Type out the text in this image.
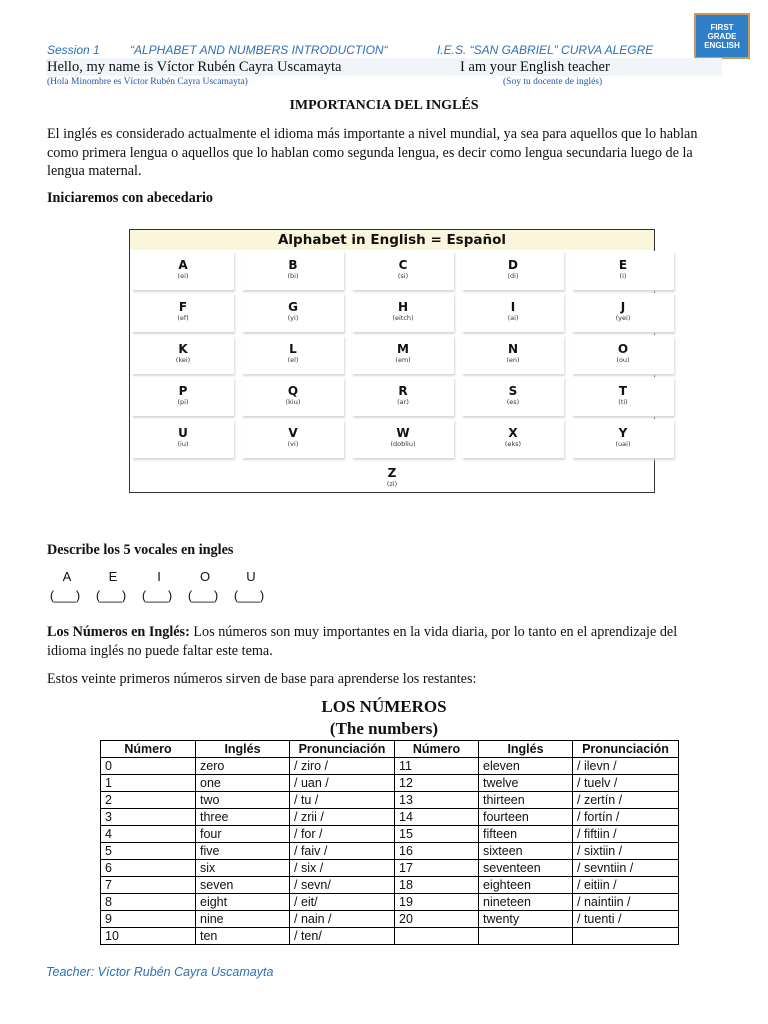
Session 1	“ALPHABET AND NUMBERS INTRODUCTION“	I.E.S. “SAN GABRIEL” CURVA ALEGRE
FIRST
GRADE
ENGLISH
Hello, my name is Víctor Rubén Cayra Uscamayta	I am your English teacher
(Hola Minombre es Víctor Rubén Cayra Uscamayta)	(Soy tu docente de inglés)
IMPORTANCIA DEL INGLÉS
El inglés es considerado actualmente el idioma más importante a nivel mundial, ya sea para aquellos que lo hablan como primera lengua o aquellos que lo hablan como segunda lengua, es decir como lengua secundaria luego de la lengua maternal.
Iniciaremos con abecedario
Alphabet in English = Español
A
(ei)
B
(bi)
C
(si)
D
(di)
E
(i)
F
(ef)
G
(yi)
H
(eitch)
I
(ai)
J
(yei)
K
(kei)
L
(el)
M
(em)
N
(en)
O
(ou)
P
(pi)
Q
(kiu)
R
(ar)
S
(es)
T
(ti)
U
(iu)
V
(vi)
W
(dobliu)
X
(eks)
Y
(uai)
Z
(zi)
Describe los 5 vocales en ingles
A
(___)
E
(___)
I
(___)
O
(___)
U
(___)
Los Números en Inglés: Los números son muy importantes en la vida diaria, por lo tanto en el aprendizaje del idioma inglés no puede faltar este tema.
Estos veinte primeros números sirven de base para aprenderse los restantes:
LOS NÚMEROS
(The numbers)
Número	Inglés	Pronunciación	Número	Inglés	Pronunciación
0	zero	/ ziro /	11	eleven	/ ilevn /
1	one	/ uan /	12	twelve	/ tuelv /
2	two	/ tu /	13	thirteen	/ zertín /
3	three	/ zrii /	14	fourteen	/ fortín /
4	four	/ for /	15	fifteen	/ fiftiin /
5	five	/ faiv /	16	sixteen	/ sixtiin /
6	six	/ six /	17	seventeen	/ sevntiin /
7	seven	/ sevn/	18	eighteen	/ eitiin /
8	eight	/ eit/	19	nineteen	/ naintiin /
9	nine	/ nain /	20	twenty	/ tuenti /
10	ten	/ ten/			
Teacher: Víctor Rubén Cayra Uscamayta
